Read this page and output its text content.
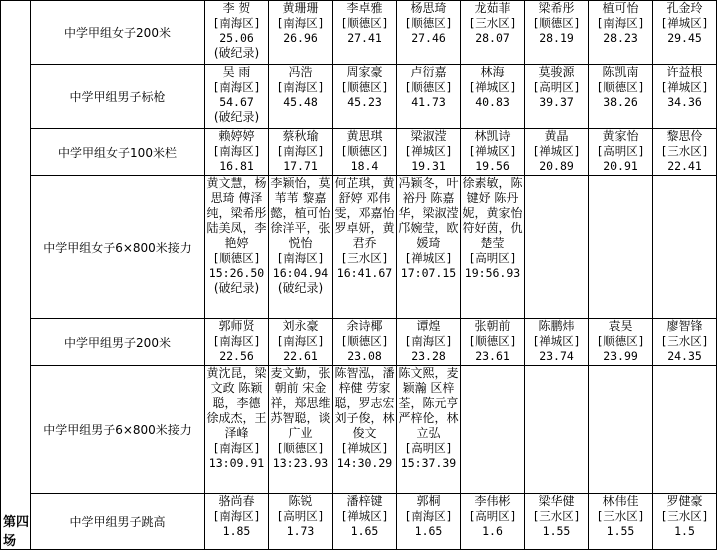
第四场	中学甲组女子200米	李 贺
[南海区]
25.06
(破纪录)	黄珊珊
[南海区]
26.96	李卓雅
[顺德区]
27.41	杨思琦
[顺德区]
27.46	龙茹菲
[三水区]
28.07	梁希彤
[顺德区]
28.19	植可怡
[南海区]
28.23	孔金玲
[禅城区]
29.45

	中学甲组男子标枪	吴 雨
[南海区]
54.67
(破纪录)	冯浩
[南海区]
45.48	周家豪
[顺德区]
45.23	卢衍嘉
[顺德区]
41.73	林海
[禅城区]
40.83	莫骏源
[高明区]
39.37	陈凯南
[顺德区]
38.26	许益根
[禅城区]
34.36

	中学甲组女子100米栏	赖婷婷
[南海区]
16.81	蔡秋瑜
[南海区]
17.71	黄思琪
[顺德区]
18.4	梁淑滢
[禅城区]
19.31	林凯诗
[禅城区]
19.56	黄晶
[禅城区]
20.89	黄家怡
[高明区]
20.91	黎思伶
[三水区]
22.41

	中学甲组女子6×800米接力	黄文慧，杨思琦 傅泽纯，梁希彤 陆美凤，李艳婷
[顺德区]
15:26.50
(破纪录)	李颖怡，莫苇苇 黎嘉懿，植可怡 徐洋平，张悦怡
[南海区]
16:04.94
(破纪录)	何芷琪，黄舒婷 邓伟雯，邓嘉怡 罗卓妍，黄君乔
[三水区]
16:41.67	冯颖冬，叶裕丹 陈嘉华，梁淑滢 邝婉莹，欧媛琦
[禅城区]
17:07.15	徐素敏，陈键妤 陈丹妮，黄家怡 符好茵，仇楚莹
[高明区]
19:56.93			

	中学甲组男子200米	郭师贤
[南海区]
22.56	刘永豪
[南海区]
22.61	余诗椰
[顺德区]
23.08	谭煌
[南海区]
23.28	张朝前
[顺德区]
23.61	陈鹏炜
[禅城区]
23.74	袁昊
[顺德区]
23.99	廖智锋
[三水区]
24.35

	中学甲组男子6×800米接力	黄沈昆，梁文政 陈颖聪，李德 徐成杰，王泽峰
[南海区]
13:09.91	麦文勤，张朝前 宋金祥，郑思维 苏智聪，谈广业
[顺德区]
13:23.93	陈智泓，潘梓健 劳家聪，罗志宏 刘子俊，林俊文
[禅城区]
14:30.29	陈文熙，麦颖瀚 区梓荃，陈元亨 严梓伦，林立弘
[高明区]
15:37.39				

	中学甲组男子跳高	骆尚春
[南海区]
1.85	陈锐
[高明区]
1.73	潘梓键
[禅城区]
1.65	郭桐
[南海区]
1.65	李伟彬
[高明区]
1.6	梁华健
[三水区]
1.55	林伟佳
[三水区]
1.55	罗健豪
[三水区]
1.5
